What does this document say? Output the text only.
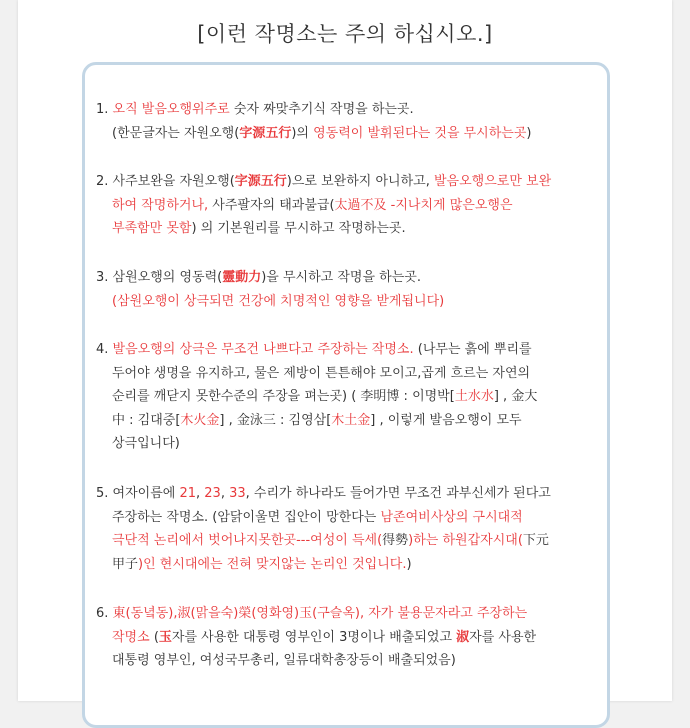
[이런 작명소는 주의 하십시오.]
1. 오직 발음오행위주로 숫자 짜맞추기식 작명을 하는곳.
(한문글자는 자원오행(字源五行)의 영동력이 발휘된다는 것을 무시하는곳)
2. 사주보완을 자원오행(字源五行)으로 보완하지 아니하고, 발음오행으로만 보완
하여 작명하거나, 사주팔자의 태과불급(太過不及 -지나치게 많은오행은
부족함만 못함) 의 기본원리를 무시하고 작명하는곳.
3. 삼원오행의 영동력(靈動力)을 무시하고 작명을 하는곳.
(삼원오행이 상극되면 건강에 치명적인 영향을 받게됩니다)
4. 발음오행의 상극은 무조건 나쁘다고 주장하는 작명소. (나무는 흙에 뿌리를
두어야 생명을 유지하고, 물은 제방이 튼튼해야 모이고,곱게 흐르는 자연의
순리를 깨닫지 못한수준의 주장을 펴는곳) ( 李明博 : 이명박[土水水] , 金大
中 : 김대중[木火金] , 金泳三 : 김영삼[木土金] , 이렇게 발음오행이 모두
상극입니다)
5. 여자이름에 21, 23, 33, 수리가 하나라도 들어가면 무조건 과부신세가 된다고
주장하는 작명소. (암닭이울면 집안이 망한다는 남존여비사상의 구시대적
극단적 논리에서 벗어나지못한곳---여성이 득세(得勢)하는 하원갑자시대(下元
甲子)인 현시대에는 전혀 맞지않는 논리인 것입니다.)
6. 東(동녘동),淑(맑을숙)榮(영화영)玉(구슬옥), 자가 불용문자라고 주장하는
작명소 (玉자를 사용한 대통령 영부인이 3명이나 배출되었고 淑자를 사용한
대통령 영부인, 여성국무총리, 일류대학총장등이 배출되었음)
